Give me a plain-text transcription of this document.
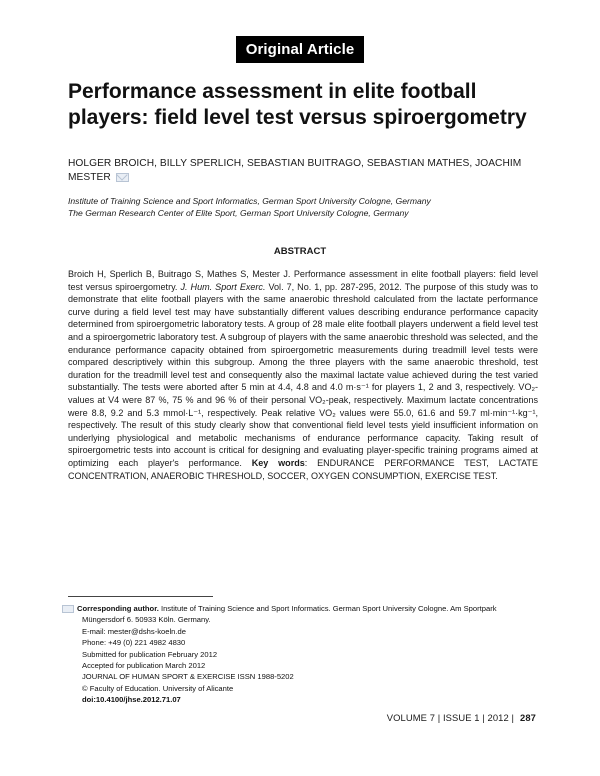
Original Article
Performance assessment in elite football players: field level test versus spiroergometry
HOLGER BROICH, BILLY SPERLICH, SEBASTIAN BUITRAGO, SEBASTIAN MATHES, JOACHIM MESTER
Institute of Training Science and Sport Informatics, German Sport University Cologne, Germany
The German Research Center of Elite Sport, German Sport University Cologne, Germany
ABSTRACT
Broich H, Sperlich B, Buitrago S, Mathes S, Mester J. Performance assessment in elite football players: field level test versus spiroergometry. J. Hum. Sport Exerc. Vol. 7, No. 1, pp. 287-295, 2012. The purpose of this study was to demonstrate that elite football players with the same anaerobic threshold calculated from the lactate performance curve during a field level test may have substantially different values describing endurance performance capacity determined from spiroergometric laboratory tests. A group of 28 male elite football players underwent a field level test and a spiroergometric laboratory test. A subgroup of players with the same anaerobic threshold was selected, and the endurance performance capacity obtained from spiroergometric measurements during treadmill level tests were compared descriptively within this subgroup. Among the three players with the same anaerobic threshold, test duration for the treadmill level test and consequently also the maximal lactate value achieved during the test varied substantially. The tests were aborted after 5 min at 4.4, 4.8 and 4.0 m·s⁻¹ for players 1, 2 and 3, respectively. VO₂-values at V4 were 87 %, 75 % and 96 % of their personal VO₂-peak, respectively. Maximum lactate concentrations were 8.8, 9.2 and 5.3 mmol·L⁻¹, respectively. Peak relative VO₂ values were 55.0, 61.6 and 59.7 ml·min⁻¹·kg⁻¹, respectively. The result of this study clearly show that conventional field level tests yield insufficient information on underlying physiological and metabolic mechanisms of endurance performance capacity. Taking result of spiroergometric tests into account is critical for designing and evaluating player-specific training programs aimed at optimizing each player's performance. Key words: ENDURANCE PERFORMANCE TEST, LACTATE CONCENTRATION, ANAEROBIC THRESHOLD, SOCCER, OXYGEN CONSUMPTION, EXERCISE TEST.
Corresponding author. Institute of Training Science and Sport Informatics. German Sport University Cologne. Am Sportpark
Müngersdorf 6. 50933 Köln. Germany.
E-mail: mester@dshs-koeln.de
Phone: +49 (0) 221 4982 4830
Submitted for publication February 2012
Accepted for publication March 2012
JOURNAL OF HUMAN SPORT & EXERCISE ISSN 1988-5202
© Faculty of Education. University of Alicante
doi:10.4100/jhse.2012.71.07
VOLUME 7 | ISSUE 1 | 2012 | 287
